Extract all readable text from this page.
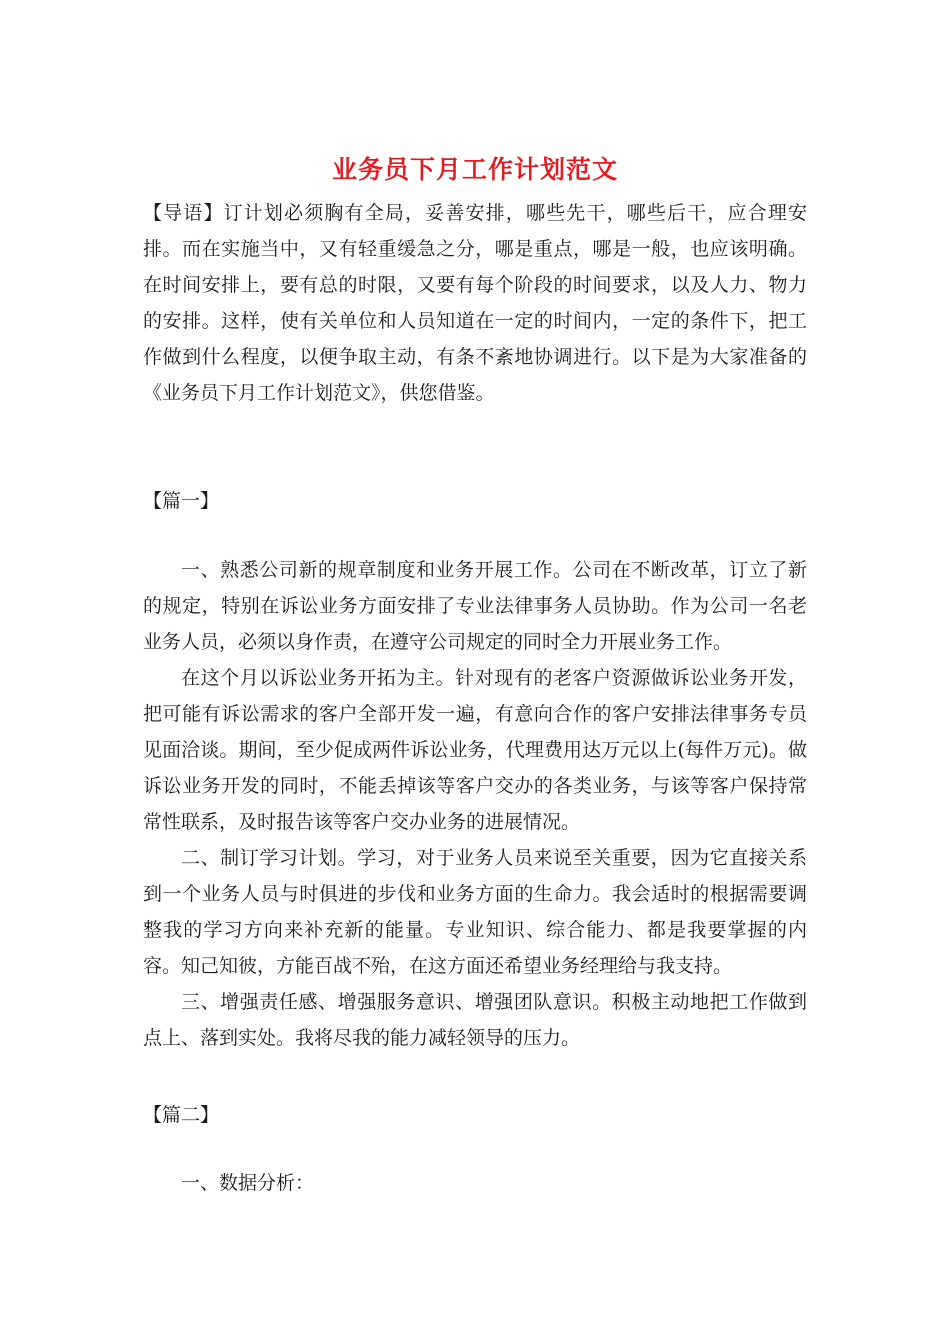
业务员下月工作计划范文

【导语】订计划必须胸有全局，妥善安排，哪些先干，哪些后干，应合理安排。而在实施当中，又有轻重缓急之分，哪是重点，哪是一般，也应该明确。在时间安排上，要有总的时限，又要有每个阶段的时间要求，以及人力、物力的安排。这样，使有关单位和人员知道在一定的时间内，一定的条件下，把工作做到什么程度，以便争取主动，有条不紊地协调进行。以下是为大家准备的《业务员下月工作计划范文》，供您借鉴。

【篇一】

一、熟悉公司新的规章制度和业务开展工作。公司在不断改革，订立了新的规定，特别在诉讼业务方面安排了专业法律事务人员协助。作为公司一名老业务人员，必须以身作责，在遵守公司规定的同时全力开展业务工作。

在这个月以诉讼业务开拓为主。针对现有的老客户资源做诉讼业务开发，把可能有诉讼需求的客户全部开发一遍，有意向合作的客户安排法律事务专员见面洽谈。期间，至少促成两件诉讼业务，代理费用达万元以上(每件万元)。做诉讼业务开发的同时，不能丢掉该等客户交办的各类业务，与该等客户保持常常性联系，及时报告该等客户交办业务的进展情况。

二、制订学习计划。学习，对于业务人员来说至关重要，因为它直接关系到一个业务人员与时俱进的步伐和业务方面的生命力。我会适时的根据需要调整我的学习方向来补充新的能量。专业知识、综合能力、都是我要掌握的内容。知己知彼，方能百战不殆，在这方面还希望业务经理给与我支持。

三、增强责任感、增强服务意识、增强团队意识。积极主动地把工作做到点上、落到实处。我将尽我的能力减轻领导的压力。

【篇二】

一、数据分析：
